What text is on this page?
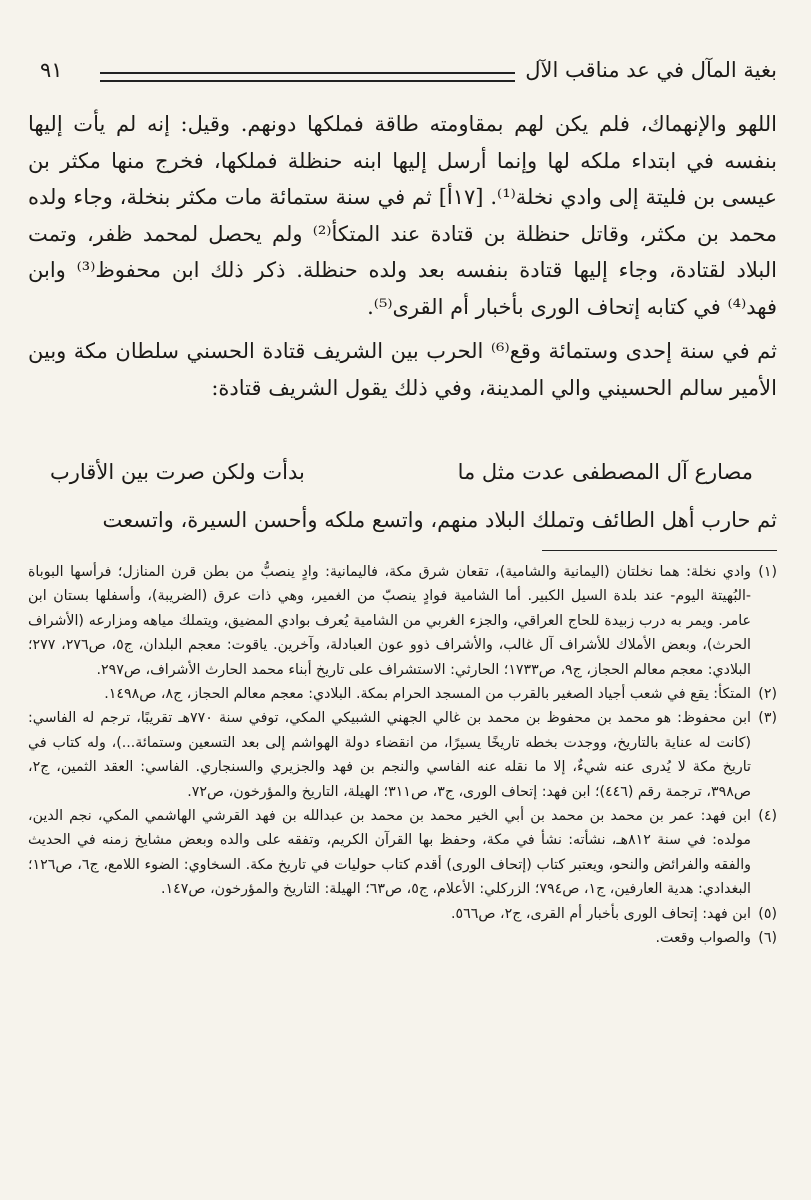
بغية المآل في عد مناقب الآل
٩١

اللهو والإنهماك، فلم يكن لهم بمقاومته طاقة فملكها دونهم. وقيل: إنه لم يأت إليها بنفسه في ابتداء ملكه لها وإنما أرسل إليها ابنه حنظلة فملكها، فخرج منها مكثر بن عيسى بن فليتة إلى وادي نخلة⁽¹⁾. [١٧أ] ثم في سنة ستمائة مات مكثر بنخلة، وجاء ولده محمد بن مكثر، وقاتل حنظلة بن قتادة عند المتكأ⁽²⁾ ولم يحصل لمحمد ظفر، وتمت البلاد لقتادة، وجاء إليها قتادة بنفسه بعد ولده حنظلة. ذكر ذلك ابن محفوظ⁽³⁾ وابن فهد⁽⁴⁾ في كتابه إتحاف الورى بأخبار أم القرى⁽⁵⁾.

ثم في سنة إحدى وستمائة وقع⁽⁶⁾ الحرب بين الشريف قتادة الحسني سلطان مكة وبين الأمير سالم الحسيني والي المدينة، وفي ذلك يقول الشريف قتادة:

مصارع آل المصطفى عدت مثل ما
بدأت ولكن صرت بين الأقارب
ثم حارب أهل الطائف وتملك البلاد منهم، واتسع ملكه وأحسن السيرة، واتسعت

(١)وادي نخلة: هما نخلتان (اليمانية والشامية)، تقعان شرق مكة، فاليمانية: وادٍ ينصبُّ من بطن قرن المنازل؛ فرأسها البوباة -البُهيتة اليوم- عند بلدة السيل الكبير. أما الشامية فوادٍ ينصبّ من الغمير، وهي ذات عرق (الضريبة)، وأسفلها بستان ابن عامر. ويمر به درب زبيدة للحاج العراقي، والجزء الغربي من الشامية يُعرف بوادي المضيق، ويتملك مياهه ومزارعه (الأشراف الحرث)، وبعض الأملاك للأشراف آل غالب، والأشراف ذوو عون العبادلة، وآخرين. ياقوت: معجم البلدان، ج٥، ص٢٧٦، ٢٧٧؛ البلادي: معجم معالم الحجاز، ج٩، ص١٧٣٣؛ الحارثي: الاستشراف على تاريخ أبناء محمد الحارث الأشراف، ص٢٩٧.

(٢)المتكأ: يقع في شعب أجياد الصغير بالقرب من المسجد الحرام بمكة. البلادي: معجم معالم الحجاز، ج٨، ص١٤٩٨.

(٣)ابن محفوظ: هو محمد بن محفوظ بن محمد بن غالي الجهني الشبيكي المكي، توفي سنة ٧٧٠هـ تقريبًا، ترجم له الفاسي: (كانت له عناية بالتاريخ، ووجدت بخطه تاريخًا يسيرًا، من انقضاء دولة الهواشم إلى بعد التسعين وستمائة...)، وله كتاب في تاريخ مكة لا يُدرى عنه شيءٌ، إلا ما نقله عنه الفاسي والنجم بن فهد والجزيري والسنجاري. الفاسي: العقد الثمين، ج٢، ص٣٩٨، ترجمة رقم (٤٤٦)؛ ابن فهد: إتحاف الورى، ج٣، ص٣١١؛ الهيلة، التاريخ والمؤرخون، ص٧٢.

(٤)ابن فهد: عمر بن محمد بن محمد بن أبي الخير محمد بن محمد بن عبدالله بن فهد القرشي الهاشمي المكي، نجم الدين، مولده: في سنة ٨١٢هـ، نشأته: نشأ في مكة، وحفظ بها القرآن الكريم، وتفقه على والده وبعض مشايخ زمنه في الحديث والفقه والفرائض والنحو، ويعتبر كتاب (إتحاف الورى) أقدم كتاب حوليات في تاريخ مكة. السخاوي: الضوء اللامع، ج٦، ص١٢٦؛ البغدادي: هدية العارفين، ج١، ص٧٩٤؛ الزركلي: الأعلام، ج٥، ص٦٣؛ الهيلة: التاريخ والمؤرخون، ص١٤٧.

(٥)ابن فهد: إتحاف الورى بأخبار أم القرى، ج٢، ص٥٦٦.

(٦)والصواب وقعت.
